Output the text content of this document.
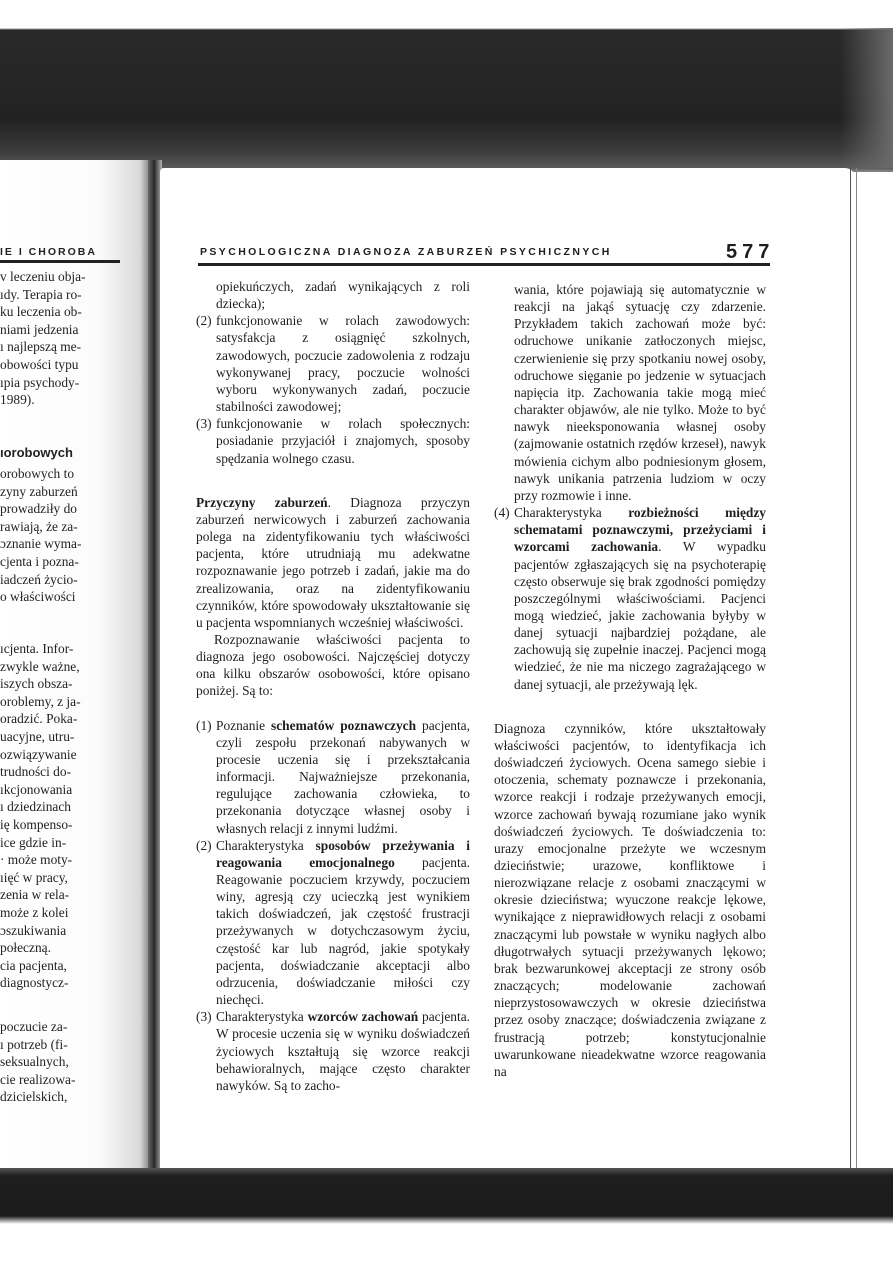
IE I CHOROBA
v leczeniu obja-
ıdy. Terapia ro-
ku leczenia ob-
niami jedzenia
ı najlepszą me-
obowości typu
ıpia psychody-
1989).
ıorobowych
orobowych to
zyny zaburzeń
prowadziły do
rawiają, że za-
ɔznanie wyma-
cjenta i pozna-
iadczeń życio-
o właściwości
ıcjenta. Infor-
zwykle ważne,
iszych obsza-
oroblemy, z ja-
oradzić. Poka-
uacyjne, utru-
ozwiązywanie
trudności do-
ıkcjonowania
ı dziedzinach
ię kompenso-
ice gdzie in-
· może moty-
ıięć w pracy,
zenia w rela-
może z kolei
ɔszukiwania
połeczną.
cia pacjenta,
diagnostycz-
poczucie za-
ı potrzeb (fi-
seksualnych,
cie realizowa-
dzicielskich,
PSYCHOLOGICZNA DIAGNOZA ZABURZEŃ PSYCHICZNYCH	577

opiekuńczych, zadań wynikających z roli dziecka);

(2) funkcjonowanie w rolach zawodowych: satysfakcja z osiągnięć szkolnych, zawodowych, poczucie zadowolenia z rodzaju wykonywanej pracy, poczucie wolności wyboru wykonywanych zadań, poczucie stabilności zawodowej;

(3) funkcjonowanie w rolach społecznych: posiadanie przyjaciół i znajomych, sposoby spędzania wolnego czasu.

Przyczyny zaburzeń. Diagnoza przyczyn zaburzeń nerwicowych i zaburzeń zachowania polega na zidentyfikowaniu tych właściwości pacjenta, które utrudniają mu adekwatne rozpoznawanie jego potrzeb i zadań, jakie ma do zrealizowania, oraz na zidentyfikowaniu czynników, które spowodowały ukształtowanie się u pacjenta wspomnianych wcześniej właściwości.

Rozpoznawanie właściwości pacjenta to diagnoza jego osobowości. Najczęściej dotyczy ona kilku obszarów osobowości, które opisano poniżej. Są to:

(1) Poznanie schematów poznawczych pacjenta, czyli zespołu przekonań nabywanych w procesie uczenia się i przekształcania informacji. Najważniejsze przekonania, regulujące zachowania człowieka, to przekonania dotyczące własnej osoby i własnych relacji z innymi ludźmi.

(2) Charakterystyka sposobów przeżywania i reagowania emocjonalnego pacjenta. Reagowanie poczuciem krzywdy, poczuciem winy, agresją czy ucieczką jest wynikiem takich doświadczeń, jak częstość frustracji przeżywanych w dotychczasowym życiu, częstość kar lub nagród, jakie spotykały pacjenta, doświadczanie akceptacji albo odrzucenia, doświadczanie miłości czy niechęci.

(3) Charakterystyka wzorców zachowań pacjenta. W procesie uczenia się w wyniku doświadczeń życiowych kształtują się wzorce reakcji behawioralnych, mające często charakter nawyków. Są to zacho-

wania, które pojawiają się automatycznie w reakcji na jakąś sytuację czy zdarzenie. Przykładem takich zachowań może być: odruchowe unikanie zatłoczonych miejsc, czerwienienie się przy spotkaniu nowej osoby, odruchowe sięganie po jedzenie w sytuacjach napięcia itp. Zachowania takie mogą mieć charakter objawów, ale nie tylko. Może to być nawyk nieeksponowania własnej osoby (zajmowanie ostatnich rzędów krzeseł), nawyk mówienia cichym albo podniesionym głosem, nawyk unikania patrzenia ludziom w oczy przy rozmowie i inne.

(4) Charakterystyka rozbieżności między schematami poznawczymi, przeżyciami i wzorcami zachowania. W wypadku pacjentów zgłaszających się na psychoterapię często obserwuje się brak zgodności pomiędzy poszczególnymi właściwościami. Pacjenci mogą wiedzieć, jakie zachowania byłyby w danej sytuacji najbardziej pożądane, ale zachowują się zupełnie inaczej. Pacjenci mogą wiedzieć, że nie ma niczego zagrażającego w danej sytuacji, ale przeżywają lęk.

Diagnoza czynników, które ukształtowały właściwości pacjentów, to identyfikacja ich doświadczeń życiowych. Ocena samego siebie i otoczenia, schematy poznawcze i przekonania, wzorce reakcji i rodzaje przeżywanych emocji, wzorce zachowań bywają rozumiane jako wynik doświadczeń życiowych. Te doświadczenia to: urazy emocjonalne przeżyte we wczesnym dzieciństwie; urazowe, konfliktowe i nierozwiązane relacje z osobami znaczącymi w okresie dzieciństwa; wyuczone reakcje lękowe, wynikające z nieprawidłowych relacji z osobami znaczącymi lub powstałe w wyniku nagłych albo długotrwałych sytuacji przeżywanych lękowo; brak bezwarunkowej akceptacji ze strony osób znaczących; modelowanie zachowań nieprzystosowawczych w okresie dzieciństwa przez osoby znaczące; doświadczenia związane z frustracją potrzeb; konstytucjonalnie uwarunkowane nieadekwatne wzorce reagowania na
